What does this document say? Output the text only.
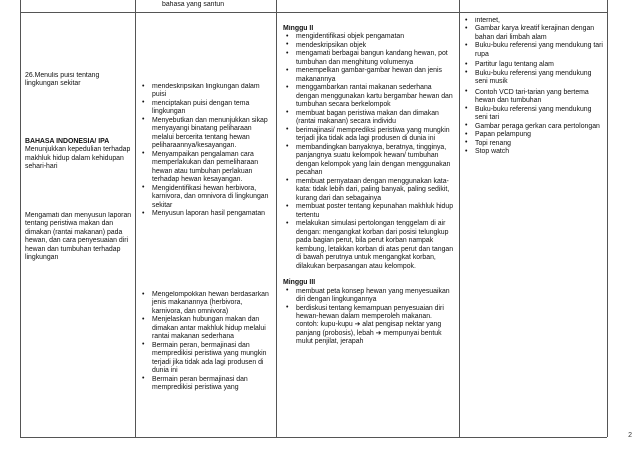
26.Menulis puisi tentang lingkungan sekitar
BAHASA INDONESIA/ IPA
Menunjukkan kepedulian terhadap makhluk hidup dalam kehidupan sehari-hari
Mengamati dan menyusun laporan tentang peristiwa makan dan dimakan (rantai makanan) pada hewan, dan cara penyesuaian diri hewan dan tumbuhan terhadap lingkungan
bahasa yang santun
• mendeskripsikan lingkungan dalam puisi
• menciptakan puisi dengan tema lingkungan
• Menyebutkan dan menunjukkan sikap menyayangi binatang peliharaan melalui bercerita tentang hewan peliharaannya/kesayangan.
• Menyampaikan pengalaman cara memperlakukan dan pemeliharaan hewan atau tumbuhan perlakuan terhadap hewan kesayangan.
• Mengidentifikasi hewan herbivora, karnivora, dan omnivora di lingkungan sekitar
• Menyusun laporan hasil pengamatan
• Mengelompokkan hewan berdasarkan jenis makanannya (herbivora, karnivora, dan omnivora)
• Menjelaskan hubungan makan dan dimakan antar makhluk hidup melalui rantai makanan sederhana
• Bermain peran, bermajinasi dan mempredikisi peristiwa yang mungkin terjadi jika tidak ada lagi produsen di dunia ini
• Bermain peran bermajinasi dan mempredikisi peristiwa yang
Minggu II
• mengidentifikasi objek pengamatan
• mendeskripsikan objek
• mengamati berbagai bangun kandang hewan, pot tumbuhan dan menghitung volumenya
• menempelkan gambar-gambar hewan dan jenis makanannya
• menggambarkan rantai makanan sederhana dengan menggunakan kartu bergambar hewan dan tumbuhan secara berkelompok
• membuat bagan peristiwa makan dan dimakan (rantai makanan) secara individu
• berimajinasi/ memprediksi peristiwa yang mungkin terjadi jika tidak ada lagi produsen di dunia ini
• membandingkan banyaknya, beratnya, tingginya, panjangnya suatu kelompok hewan/ tumbuhan dengan kelompok yang lain dengan menggunakan pecahan
• membuat pernyataan dengan menggunakan kata-kata: tidak lebih dari, paling banyak, paling sedikit, kurang dari dan sebagainya
• membuat poster tentang kepunahan makhluk hidup tertentu
• melakukan simulasi pertolongan tenggelam di air dengan: mengangkat korban dari posisi telungkup pada bagian perut, bila perut korban nampak kembung, letakkan korban di atas perut dan tangan di bawah perutnya untuk mengangkat korban, dilakukan berpasangan atau kelompok.
Minggu III
• membuat peta konsep hewan yang menyesuaikan diri dengan lingkungannya
• berdiskusi tentang kemampuan penyesuaian diri hewan-hewan dalam memperoleh makanan. contoh: kupu-kupu ➔ alat pengisap nektar yang panjang (probosis), lebah ➔ mempunyai bentuk mulut penjilat, jerapah
• internet,
• Gambar karya kreatif kerajinan dengan bahan dari limbah alam
• Buku-buku referensi yang mendukung tari rupa
• Partitur lagu tentang alam
• Buku-buku referensi yang mendukung seni musik
• Contoh VCD tari-tarian yang bertema hewan dan tumbuhan
• Buku-buku referensi yang mendukung seni tari
• Gambar peraga gerkan cara pertolongan
• Papan pelampung
• Topi renang
• Stop watch
2
